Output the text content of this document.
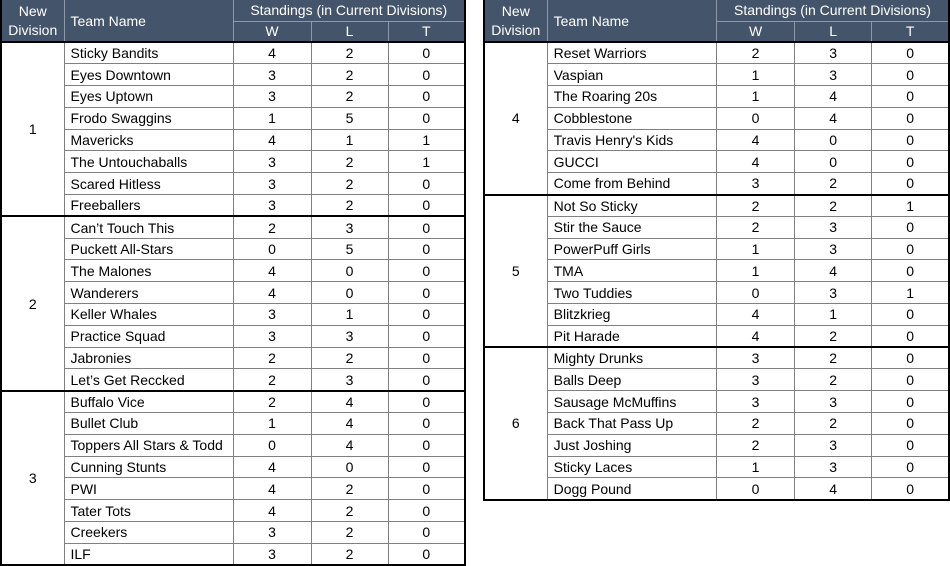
New Division	Team Name	Standings (in Current Divisions)		
		W	L	T
1	Sticky Bandits	4	2	0
	Eyes Downtown	3	2	0
	Eyes Uptown	3	2	0
	Frodo Swaggins	1	5	0
	Mavericks	4	1	1
	The Untouchaballs	3	2	1
	Scared Hitless	3	2	0
	Freeballers	3	2	0
2	Can’t Touch This	2	3	0
	Puckett All-Stars	0	5	0
	The Malones	4	0	0
	Wanderers	4	0	0
	Keller Whales	3	1	0
	Practice Squad	3	3	0
	Jabronies	2	2	0
	Let’s Get Reccked	2	3	0
3	Buffalo Vice	2	4	0
	Bullet Club	1	4	0
	Toppers All Stars & Todd	0	4	0
	Cunning Stunts	4	0	0
	PWI	4	2	0
	Tater Tots	4	2	0
	Creekers	3	2	0
	ILF	3	2	0
New Division	Team Name	Standings (in Current Divisions)		
		W	L	T
4	Reset Warriors	2	3	0
	Vaspian	1	3	0
	The Roaring 20s	1	4	0
	Cobblestone	0	4	0
	Travis Henry's Kids	4	0	0
	GUCCI	4	0	0
	Come from Behind	3	2	0
5	Not So Sticky	2	2	1
	Stir the Sauce	2	3	0
	PowerPuff Girls	1	3	0
	TMA	1	4	0
	Two Tuddies	0	3	1
	Blitzkrieg	4	1	0
	Pit Harade	4	2	0
6	Mighty Drunks	3	2	0
	Balls Deep	3	2	0
	Sausage McMuffins	3	3	0
	Back That Pass Up	2	2	0
	Just Joshing	2	3	0
	Sticky Laces	1	3	0
	Dogg Pound	0	4	0
